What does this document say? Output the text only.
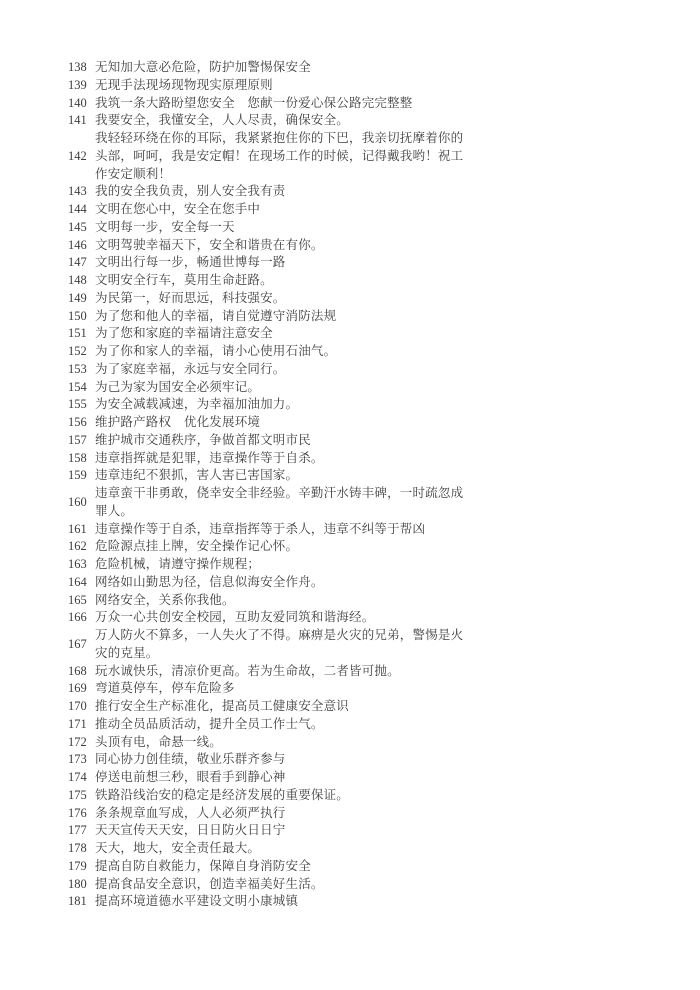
138 无知加大意必危险，防护加警惕保安全
139 无现手法现场现物现实原理原则
140 我筑一条大路盼望您安全　您献一份爱心保公路完完整整
141 我要安全，我懂安全，人人尽责，确保安全。
142
我轻轻环绕在你的耳际，我紧紧抱住你的下巴，我亲切抚摩着你的头部，呵呵，我是安定帽！在现场工作的时候，记得戴我哟！祝工作安定顺利！
143 我的安全我负责，别人安全我有责
144 文明在您心中，安全在您手中
145 文明每一步，安全每一天
146 文明驾驶幸福天下，安全和谐贵在有你。
147 文明出行每一步，畅通世博每一路
148 文明安全行车，莫用生命赶路。
149 为民第一，好而思远，科技强安。
150 为了您和他人的幸福，请自觉遵守消防法规
151 为了您和家庭的幸福请注意安全
152 为了你和家人的幸福，请小心使用石油气。
153 为了家庭幸福，永远与安全同行。
154 为己为家为国安全必须牢记。
155 为安全减载减速，为幸福加油加力。
156 维护路产路权　优化发展环境
157 维护城市交通秩序，争做首都文明市民
158 违章指挥就是犯罪，违章操作等于自杀。
159 违章违纪不狠抓，害人害已害国家。
160
违章蛮干非勇敢，侥幸安全非经验。辛勤汗水铸丰碑，一时疏忽成罪人。
161 违章操作等于自杀，违章指挥等于杀人，违章不纠等于帮凶
162 危险源点挂上牌，安全操作记心怀。
163 危险机械，请遵守操作规程；
164 网络如山勤思为径，信息似海安全作舟。
165 网络安全，关系你我他。
166 万众一心共创安全校园，互助友爱同筑和谐海经。
167
万人防火不算多，一人失火了不得。麻痹是火灾的兄弟，警惕是火灾的克星。
168 玩水诚快乐，清凉价更高。若为生命故，二者皆可抛。
169 弯道莫停车，停车危险多
170 推行安全生产标准化，提高员工健康安全意识
171 推动全员品质活动，提升全员工作士气。
172 头顶有电，命悬一线。
173 同心协力创佳绩，敬业乐群齐参与
174 停送电前想三秒，眼看手到静心神
175 铁路沿线治安的稳定是经济发展的重要保证。
176 条条规章血写成，人人必须严执行
177 天天宣传天天安，日日防火日日宁
178 天大，地大，安全责任最大。
179 提高自防自救能力，保障自身消防安全
180 提高食品安全意识，创造幸福美好生活。
181 提高环境道德水平建设文明小康城镇
